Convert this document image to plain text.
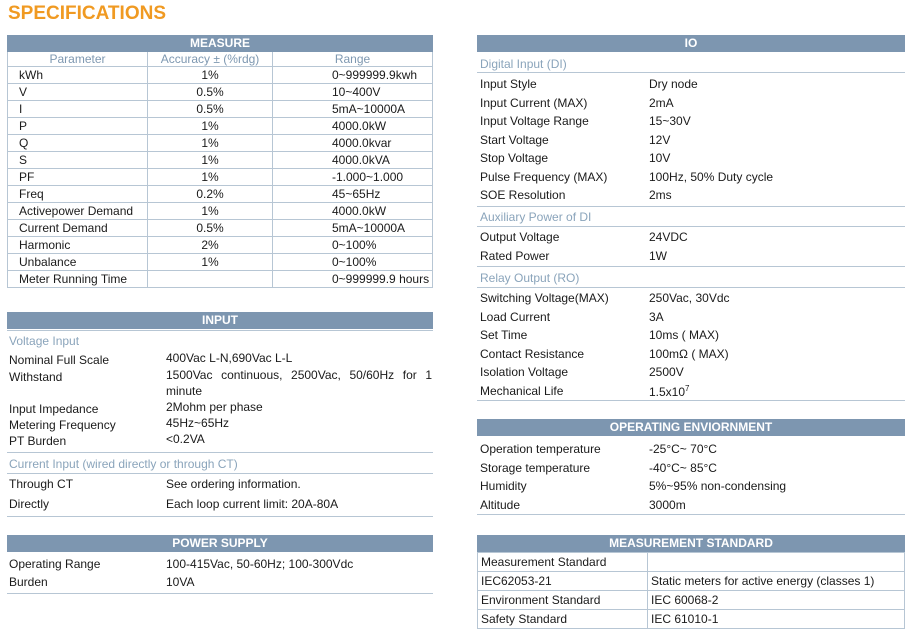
SPECIFICATIONS
MEASURE
Parameter	Accuracy ± (%rdg)	Range
kWh	1%	0~999999.9kwh
V	0.5%	10~400V
I	0.5%	5mA~10000A
P	1%	4000.0kW
Q	1%	4000.0kvar
S	1%	4000.0kVA
PF	1%	-1.000~1.000
Freq	0.2%	45~65Hz
Activepower Demand	1%	4000.0kW
Current Demand	0.5%	5mA~10000A
Harmonic	2%	0~100%
Unbalance	1%	0~100%
Meter Running Time		0~999999.9 hours
INPUT
Voltage Input
Nominal Full Scale	400Vac L-N,690Vac L-L
Withstand	1500Vac continuous, 2500Vac, 50/60Hz for 1 minute
Input Impedance	2Mohm per phase
Metering Frequency	45Hz~65Hz
PT Burden	<0.2VA
Current Input (wired directly or through CT)
Through CT	See ordering information.
Directly	Each loop current limit: 20A-80A
POWER SUPPLY
Operating Range	100-415Vac, 50-60Hz; 100-300Vdc
Burden	10VA
IO
Digital Input (DI)
Input Style	Dry node
Input Current (MAX)	2mA
Input Voltage Range	15~30V
Start Voltage	12V
Stop Voltage	10V
Pulse Frequency (MAX)	100Hz, 50% Duty cycle
SOE Resolution	2ms
Auxiliary Power of DI
Output Voltage	24VDC
Rated Power	1W
Relay Output (RO)
Switching Voltage(MAX)	250Vac, 30Vdc
Load Current	3A
Set Time	10ms ( MAX)
Contact Resistance	100mΩ ( MAX)
Isolation Voltage	2500V
Mechanical Life	$1.5x10^7$
OPERATING ENVIORNMENT
Operation temperature	-25°C~ 70°C
Storage temperature	-40°C~ 85°C
Humidity	5%~95% non-condensing
Altitude	3000m
MEASUREMENT STANDARD
Measurement Standard	
IEC62053-21	Static meters for active energy (classes 1)
Environment Standard	IEC 60068-2
Safety Standard	IEC 61010-1
